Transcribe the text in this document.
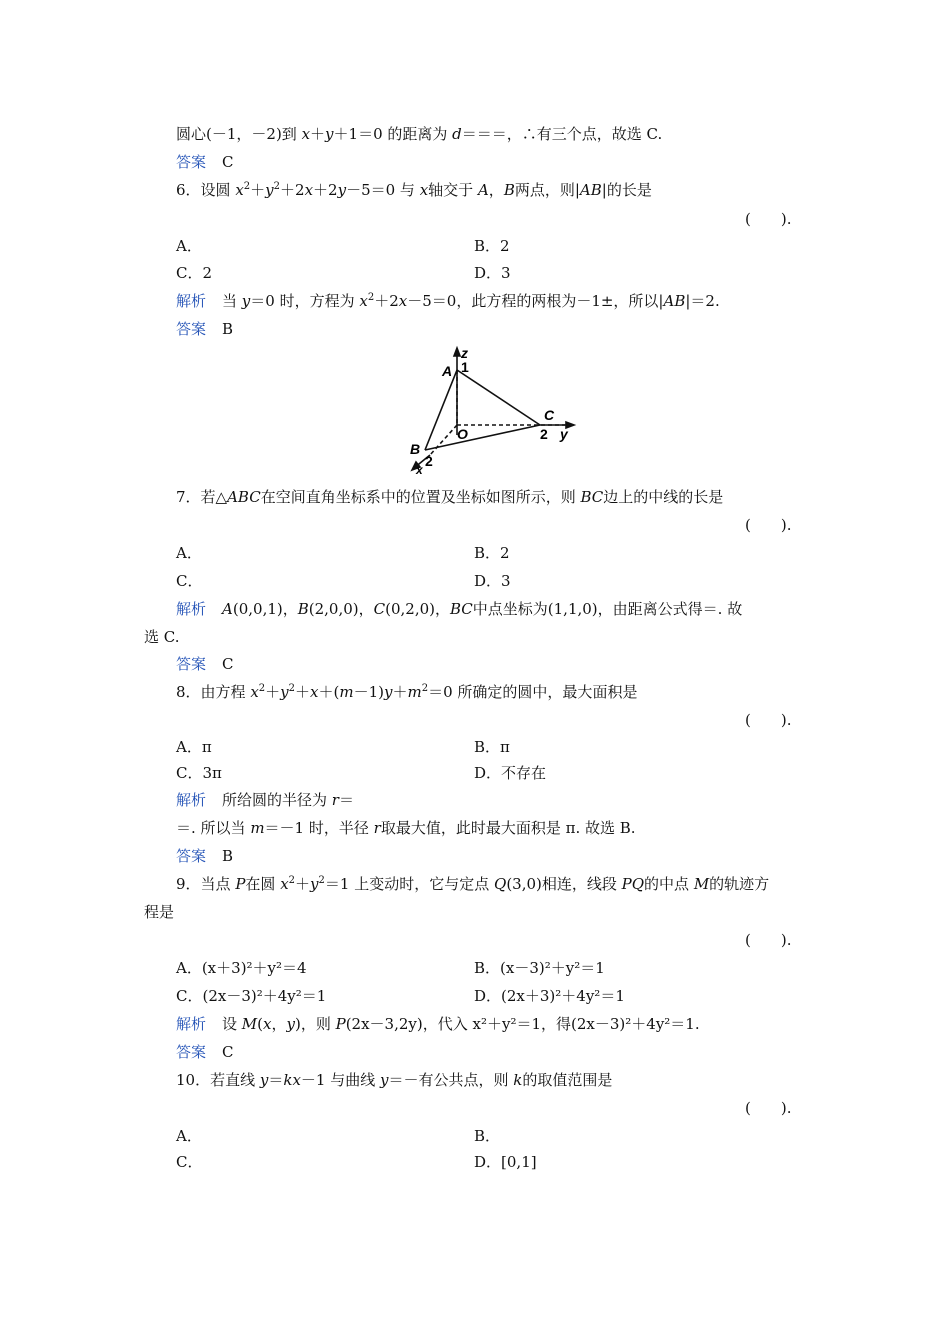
圆心(－1，－2)到 x＋y＋1＝0 的距离为 d＝＝＝，∴有三个点，故选 C.
答案 C
6．设圆 $x^2+y^2+2x+2y-5=0$ 与 x轴交于 A，B两点，则|AB|的长是
(　　).
A．	B．2
C．2	D．3
解析 当 y＝0 时，方程为 $x^2+2x-5=0$，此方程的两根为－1±，所以|AB|＝2.
答案 B
z
A 1
C
O	2 y
B
2
x
7．若△ABC在空间直角坐标系中的位置及坐标如图所示，则 BC边上的中线的长是
(　　).
A．	B．2
C．	D．3
解析 A(0,0,1)，B(2,0,0)，C(0,2,0)，BC中点坐标为(1,1,0)，由距离公式得＝. 故
选 C.
答案 C
8．由方程 $x^2+y^2+x+(m-1)y+m^2=0$ 所确定的圆中，最大面积是
(　　).
A．π	B．π
C．3π	D．不存在
解析 所给圆的半径为 r＝
＝. 所以当 m＝－1 时，半径 r取最大值，此时最大面积是 π. 故选 B.
答案 B
9．当点 P在圆 $x^2+y^2=1$ 上变动时，它与定点 Q(3,0)相连，线段 PQ的中点 M的轨迹方
程是
(　　).
A．(x＋3)²＋y²＝4	B．(x－3)²＋y²＝1
C．(2x－3)²＋4y²＝1	D．(2x＋3)²＋4y²＝1
解析 设 M(x，y)，则 P(2x－3,2y)，代入 x²＋y²＝1，得(2x－3)²＋4y²＝1.
答案 C
10．若直线 y＝kx－1 与曲线 y＝－有公共点，则 k的取值范围是
(　　).
A．	B．
C．	D．[0,1]
